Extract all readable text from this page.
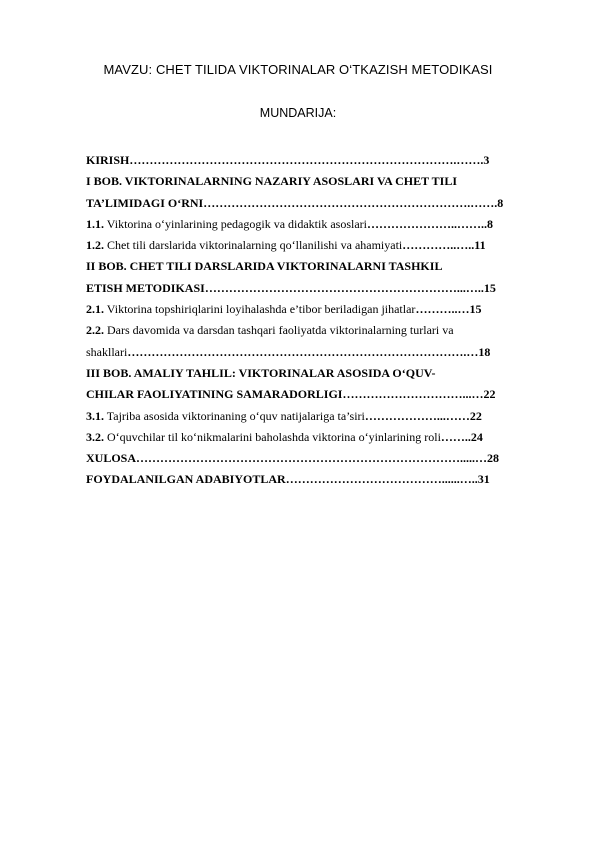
MAVZU: CHET TILIDA VIKTORINALAR O‘TKAZISH METODIKASI
MUNDARIJA:
KIRISH……………………………………………………………………….…….3
I BOB. VIKTORINALARNING NAZARIY ASOSLARI VA CHET TILI
TA’LIMIDAGI O‘RNI………………………………………………………….…….8
1.1. Viktorina o‘yinlarining pedagogik va didaktik asoslari…………………..……..8
1.2. Chet tili darslarida viktorinalarning qo‘llanilishi va ahamiyati…………..…..11
II BOB. CHET TILI DARSLARIDA VIKTORINALARNI TASHKIL
ETISH METODIKASI………………………………………………………...…..15
2.1. Viktorina topshiriqlarini loyihalashda e’tibor beriladigan jihatlar………..…15
2.2. Dars davomida va darsdan tashqari faoliyatda viktorinalarning turlari va
shakllari………………………………………………………………………….…18
III BOB. AMALIY TAHLIL: VIKTORINALAR ASOSIDA O‘QUV-
CHILAR FAOLIYATINING SAMARADORLIGI…………………………...…22
3.1. Tajriba asosida viktorinaning o‘quv natijalariga ta’siri………………...……22
3.2. O‘quvchilar til ko‘nikmalarini baholashda viktorina o‘yinlarining roli……..24
XULOSA……………………………………………………………………….....…28
FOYDALANILGAN ADABIYOTLAR…………………………………......…..31
